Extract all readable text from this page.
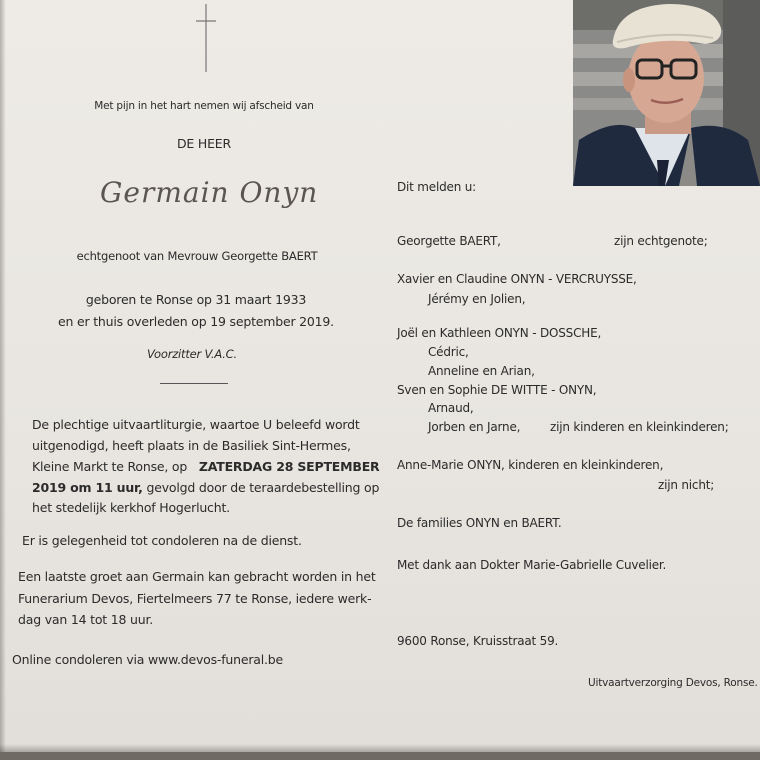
Met pijn in het hart nemen wij afscheid van
DE HEER
Germain Onyn
echtgenoot van Mevrouw Georgette BAERT
geboren te Ronse op 31 maart 1933
en er thuis overleden op 19 september 2019.
Voorzitter V.A.C.
De plechtige uitvaartliturgie, waartoe U beleefd wordt
uitgenodigd, heeft plaats in de Basiliek Sint-Hermes,
Kleine Markt te Ronse, op ZATERDAG 28 SEPTEMBER
2019 om 11 uur, gevolgd door de teraardebestelling op
het stedelijk kerkhof Hogerlucht.
Er is gelegenheid tot condoleren na de dienst.
Een laatste groet aan Germain kan gebracht worden in het
Funerarium Devos, Fiertelmeers 77 te Ronse, iedere werk-
dag van 14 tot 18 uur.
Online condoleren via www.devos-funeral.be
Dit melden u:
Georgette BAERT,	zijn echtgenote;
Xavier en Claudine ONYN - VERCRUYSSE,
Jérémy en Jolien,
Joël en Kathleen ONYN - DOSSCHE,
Cédric,
Anneline en Arian,
Sven en Sophie DE WITTE - ONYN,
Arnaud,
Jorben en Jarne, zijn kinderen en kleinkinderen;
Anne-Marie ONYN, kinderen en kleinkinderen,
zijn nicht;
De families ONYN en BAERT.
Met dank aan Dokter Marie-Gabrielle Cuvelier.
9600 Ronse, Kruisstraat 59.
Uitvaartverzorging Devos, Ronse.
